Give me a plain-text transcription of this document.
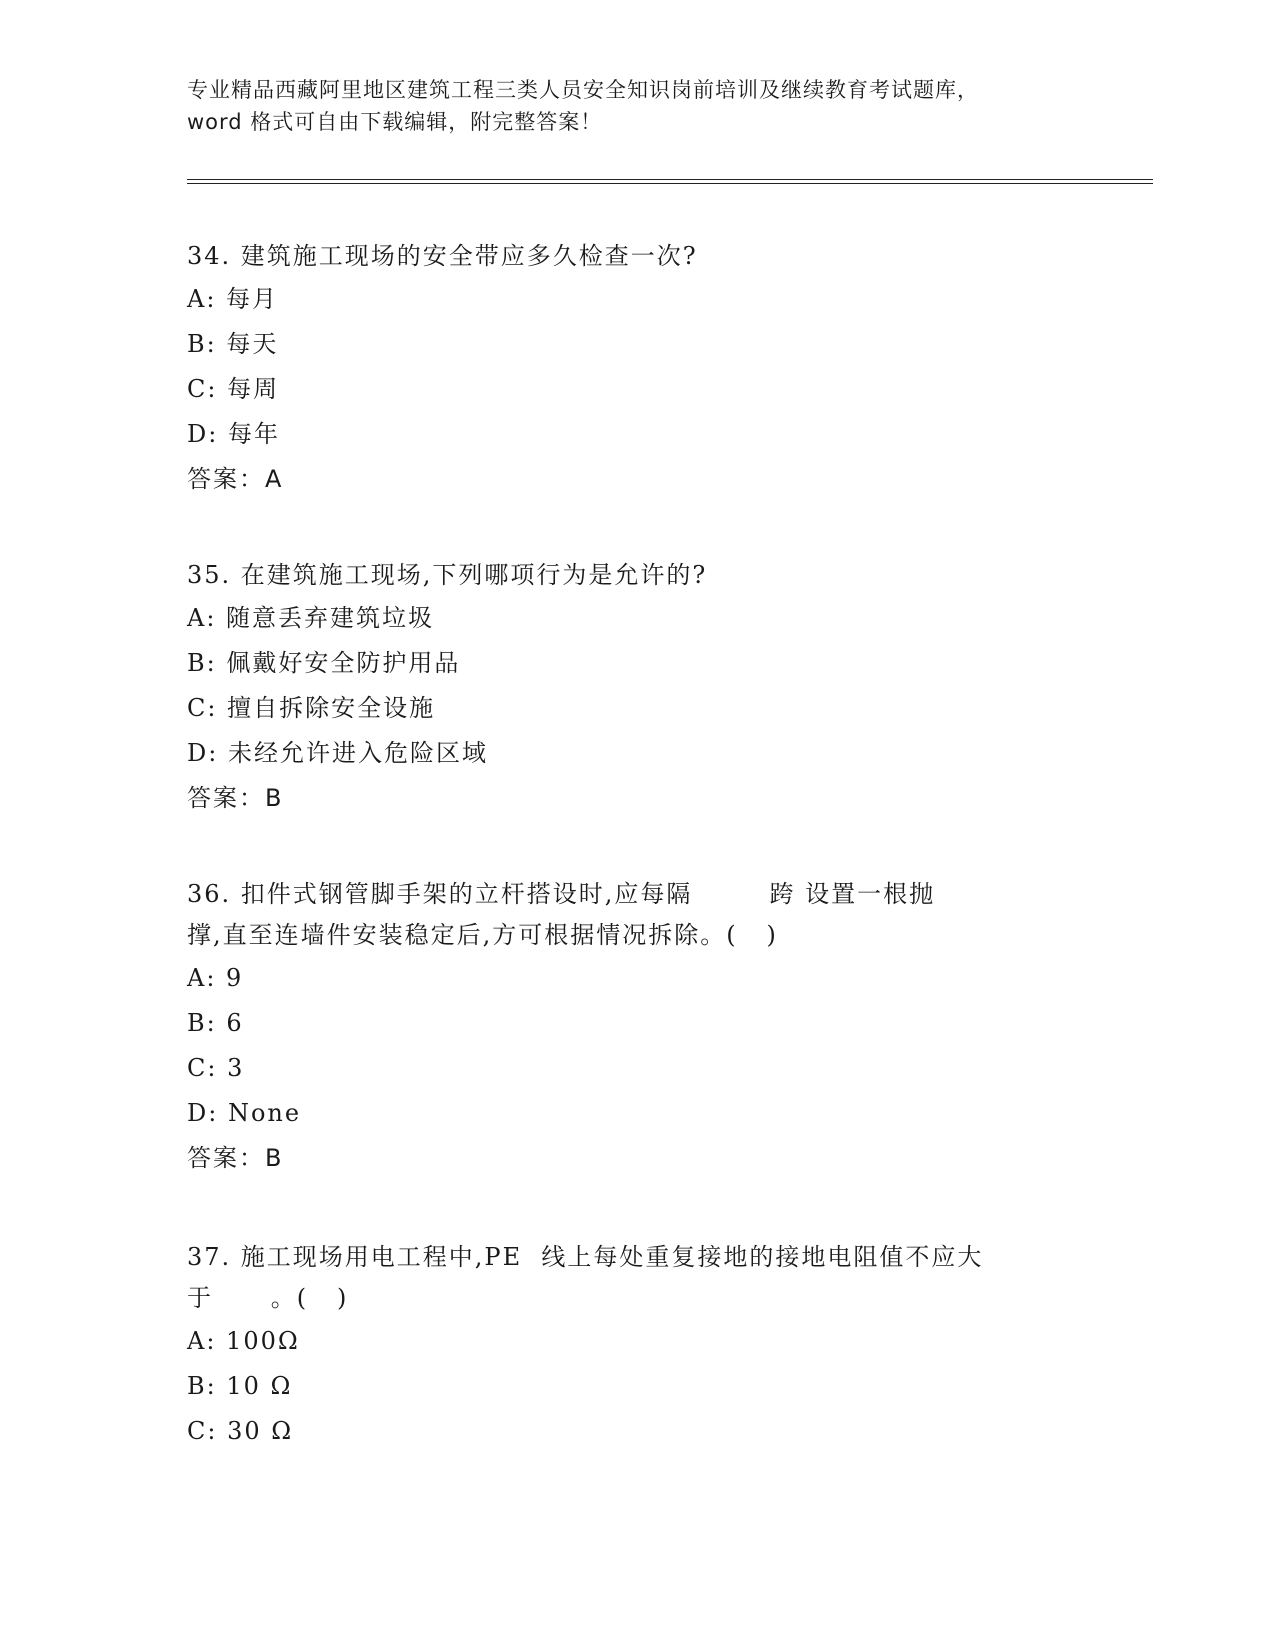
专业精品西藏阿里地区建筑工程三类人员安全知识岗前培训及继续教育考试题库，
word 格式可自由下载编辑，附完整答案！
34. 建筑施工现场的安全带应多久检查一次?
A: 每月
B: 每天
C: 每周
D: 每年
答案：A
35. 在建筑施工现场,下列哪项行为是允许的?
A: 随意丢弃建筑垃圾
B: 佩戴好安全防护用品
C: 擅自拆除安全设施
D: 未经允许进入危险区域
答案：B
36. 扣件式钢管脚手架的立杆搭设时,应每隔        跨 设置一根抛
撑,直至连墙件安装稳定后,方可根据情况拆除。(   )
A: 9
B: 6
C: 3
D: None
答案：B
37. 施工现场用电工程中,PE  线上每处重复接地的接地电阻值不应大
于      。(   )
A: 100Ω
B: 10 Ω
C: 30 Ω
